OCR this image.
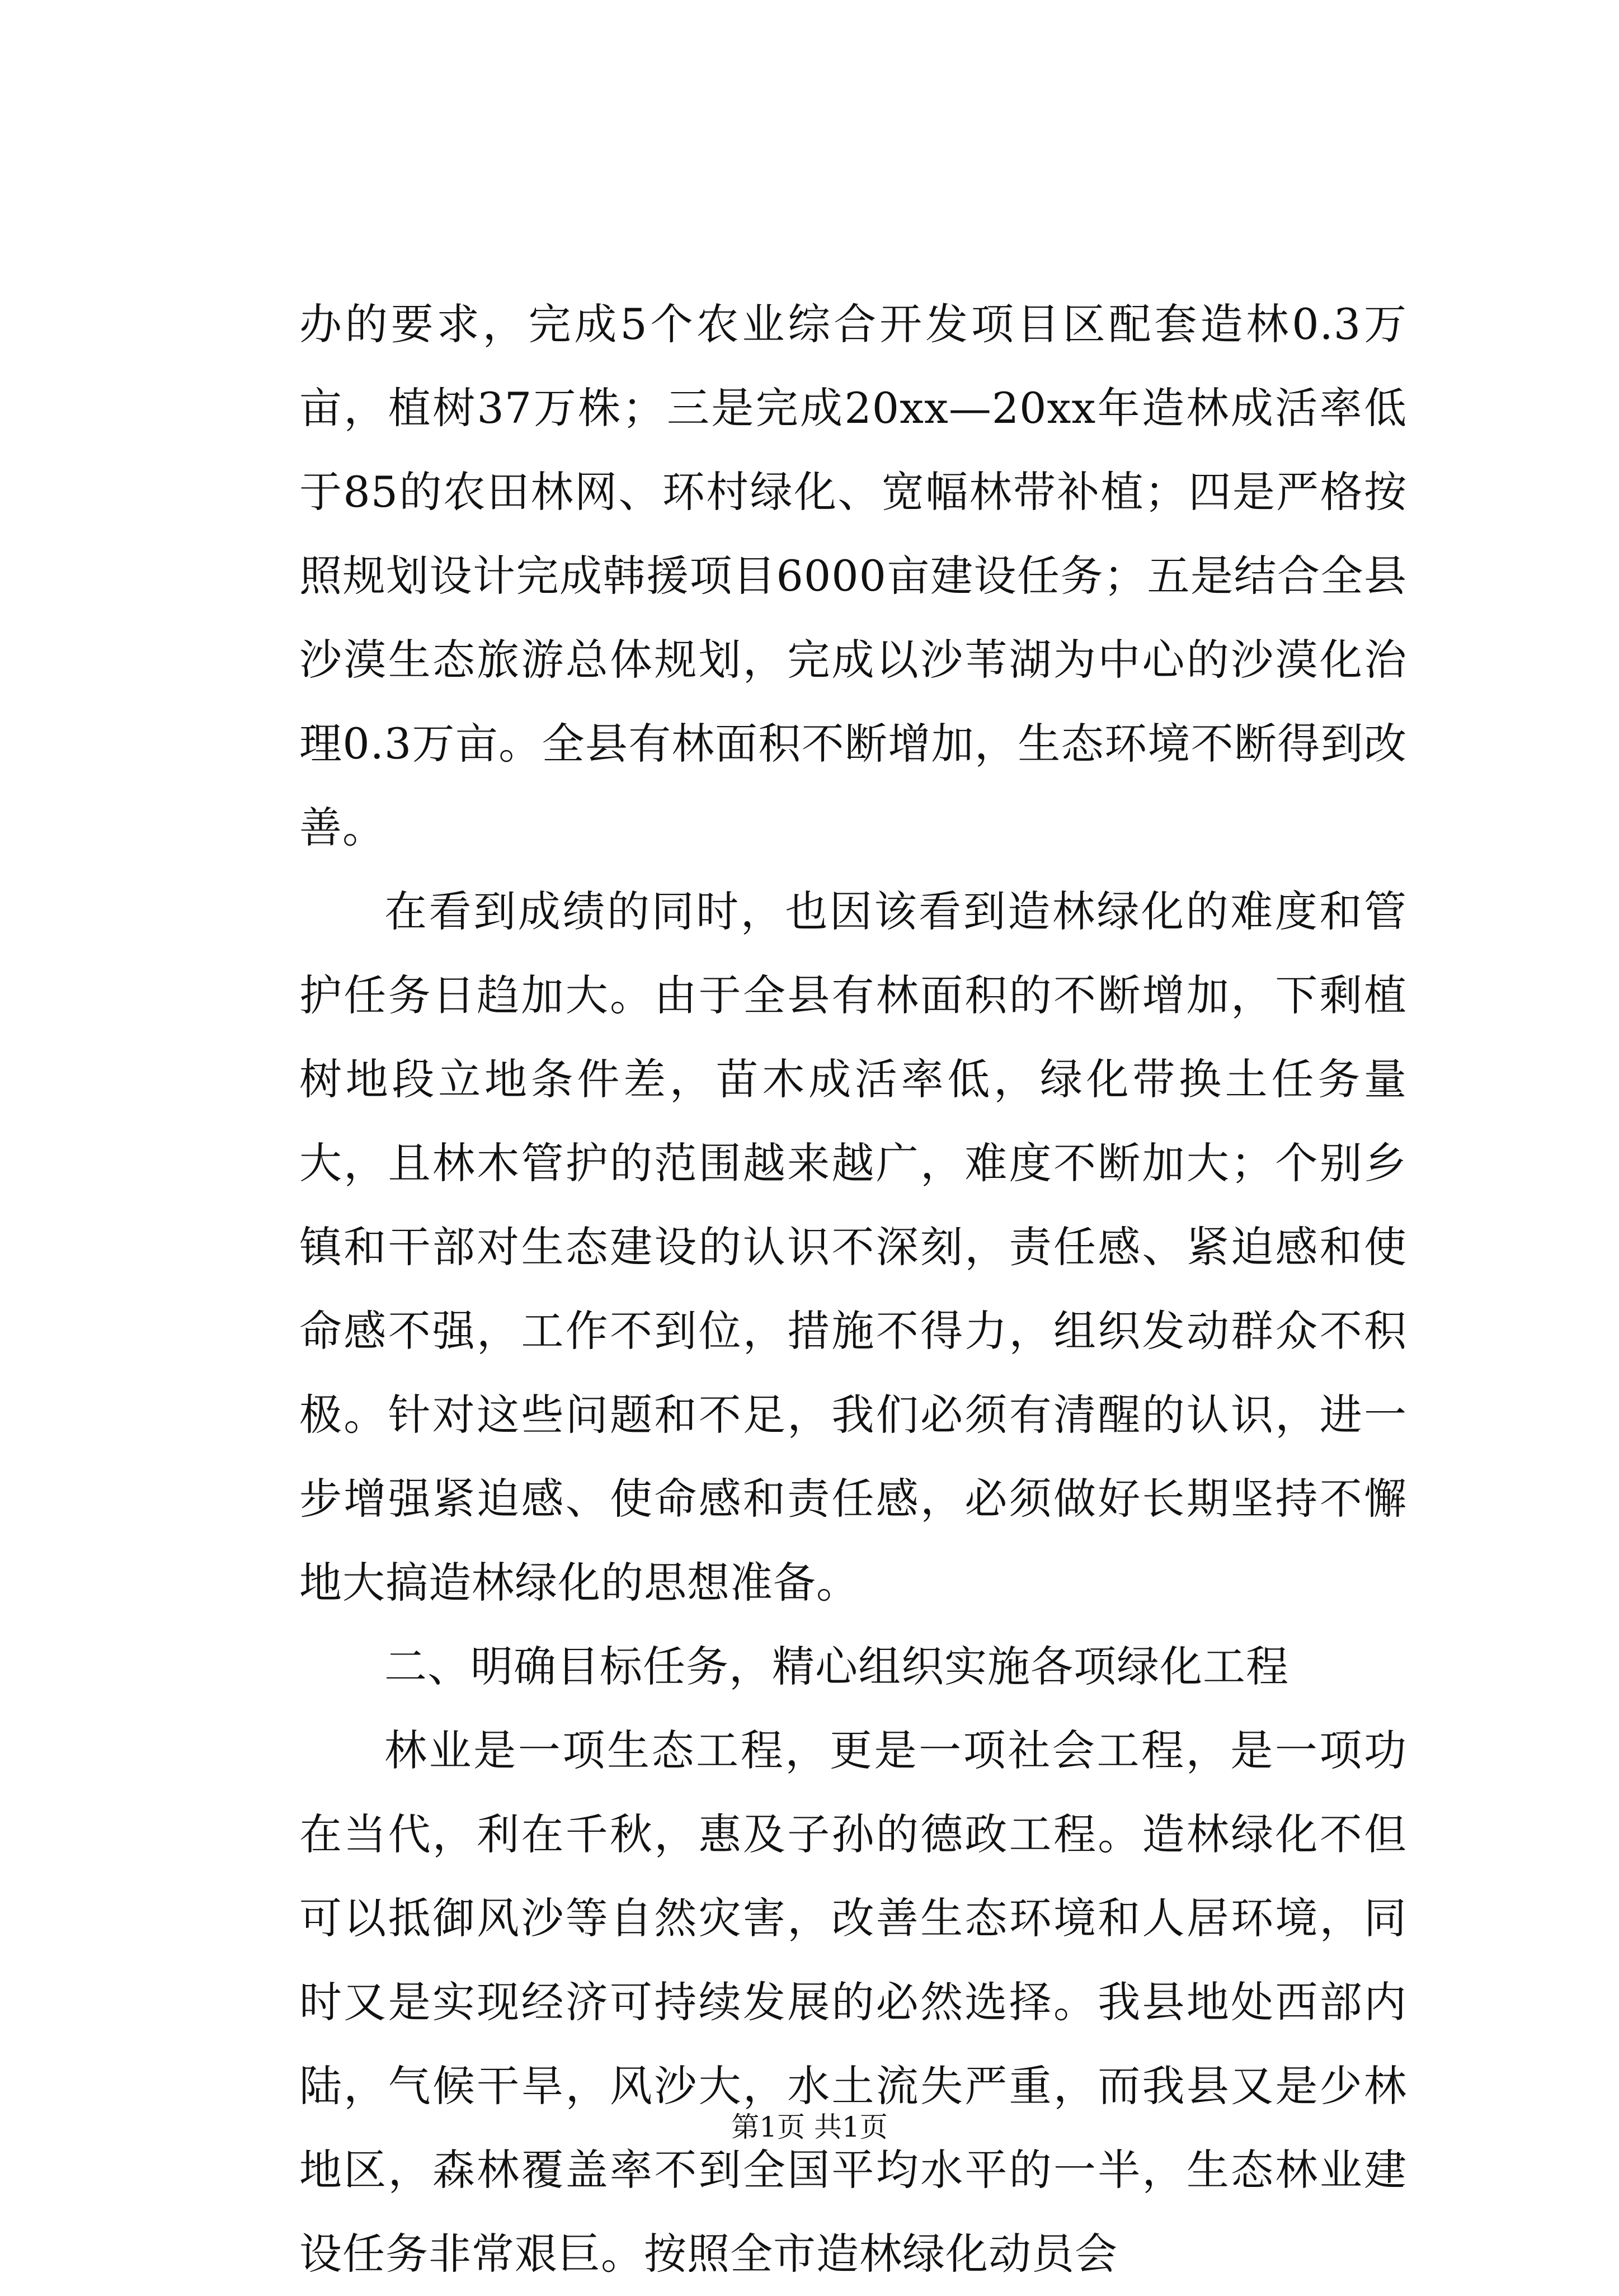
办的要求，完成5个农业综合开发项目区配套造林0.3万亩，植树37万株；三是完成20xx—20xx年造林成活率低于85的农田林网、环村绿化、宽幅林带补植；四是严格按照规划设计完成韩援项目6000亩建设任务；五是结合全县沙漠生态旅游总体规划，完成以沙苇湖为中心的沙漠化治理0.3万亩。全县有林面积不断增加，生态环境不断得到改善。

在看到成绩的同时，也因该看到造林绿化的难度和管护任务日趋加大。由于全县有林面积的不断增加，下剩植树地段立地条件差，苗木成活率低，绿化带换土任务量大，且林木管护的范围越来越广，难度不断加大；个别乡镇和干部对生态建设的认识不深刻，责任感、紧迫感和使命感不强，工作不到位，措施不得力，组织发动群众不积极。针对这些问题和不足，我们必须有清醒的认识，进一步增强紧迫感、使命感和责任感，必须做好长期坚持不懈地大搞造林绿化的思想准备。

二、明确目标任务，精心组织实施各项绿化工程

林业是一项生态工程，更是一项社会工程，是一项功在当代，利在千秋，惠及子孙的德政工程。造林绿化不但可以抵御风沙等自然灾害，改善生态环境和人居环境，同时又是实现经济可持续发展的必然选择。我县地处西部内陆，气候干旱，风沙大，水土流失严重，而我县又是少林地区，森林覆盖率不到全国平均水平的一半，生态林业建设任务非常艰巨。按照全市造林绿化动员会

第1页 共1页
